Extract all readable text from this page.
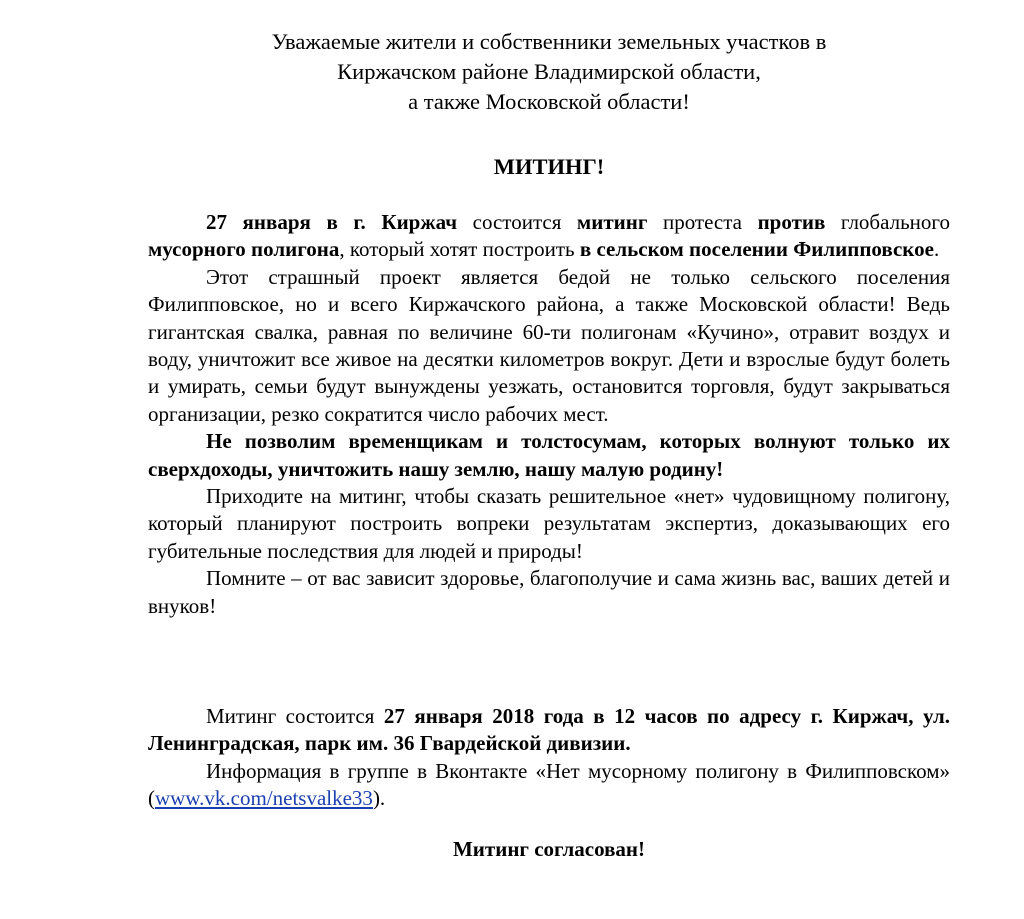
Уважаемые жители и собственники земельных участков в
Киржачском районе Владимирской области,
а также Московской области!
МИТИНГ!

27 января в г. Киржач состоится митинг протеста против глобального мусорного полигона, который хотят построить в сельском поселении Филипповское.

Этот страшный проект является бедой не только сельского поселения Филипповское, но и всего Киржачского района, а также Московской области! Ведь гигантская свалка, равная по величине 60-ти полигонам «Кучино», отравит воздух и воду, уничтожит все живое на десятки километров вокруг. Дети и взрослые будут болеть и умирать, семьи будут вынуждены уезжать, остановится торговля, будут закрываться организации, резко сократится число рабочих мест.

Не позволим временщикам и толстосумам, которых волнуют только их сверхдоходы, уничтожить нашу землю, нашу малую родину!

Приходите на митинг, чтобы сказать решительное «нет» чудовищному полигону, который планируют построить вопреки результатам экспертиз, доказывающих его губительные последствия для людей и природы!

Помните – от вас зависит здоровье, благополучие и сама жизнь вас, ваших детей и внуков!

Митинг состоится 27 января 2018 года в 12 часов по адресу г. Киржач, ул. Ленинградская, парк им. 36 Гвардейской дивизии.

Информация в группе в Вконтакте «Нет мусорному полигону в Филипповском» (www.vk.com/netsvalke33).

Митинг согласован!
